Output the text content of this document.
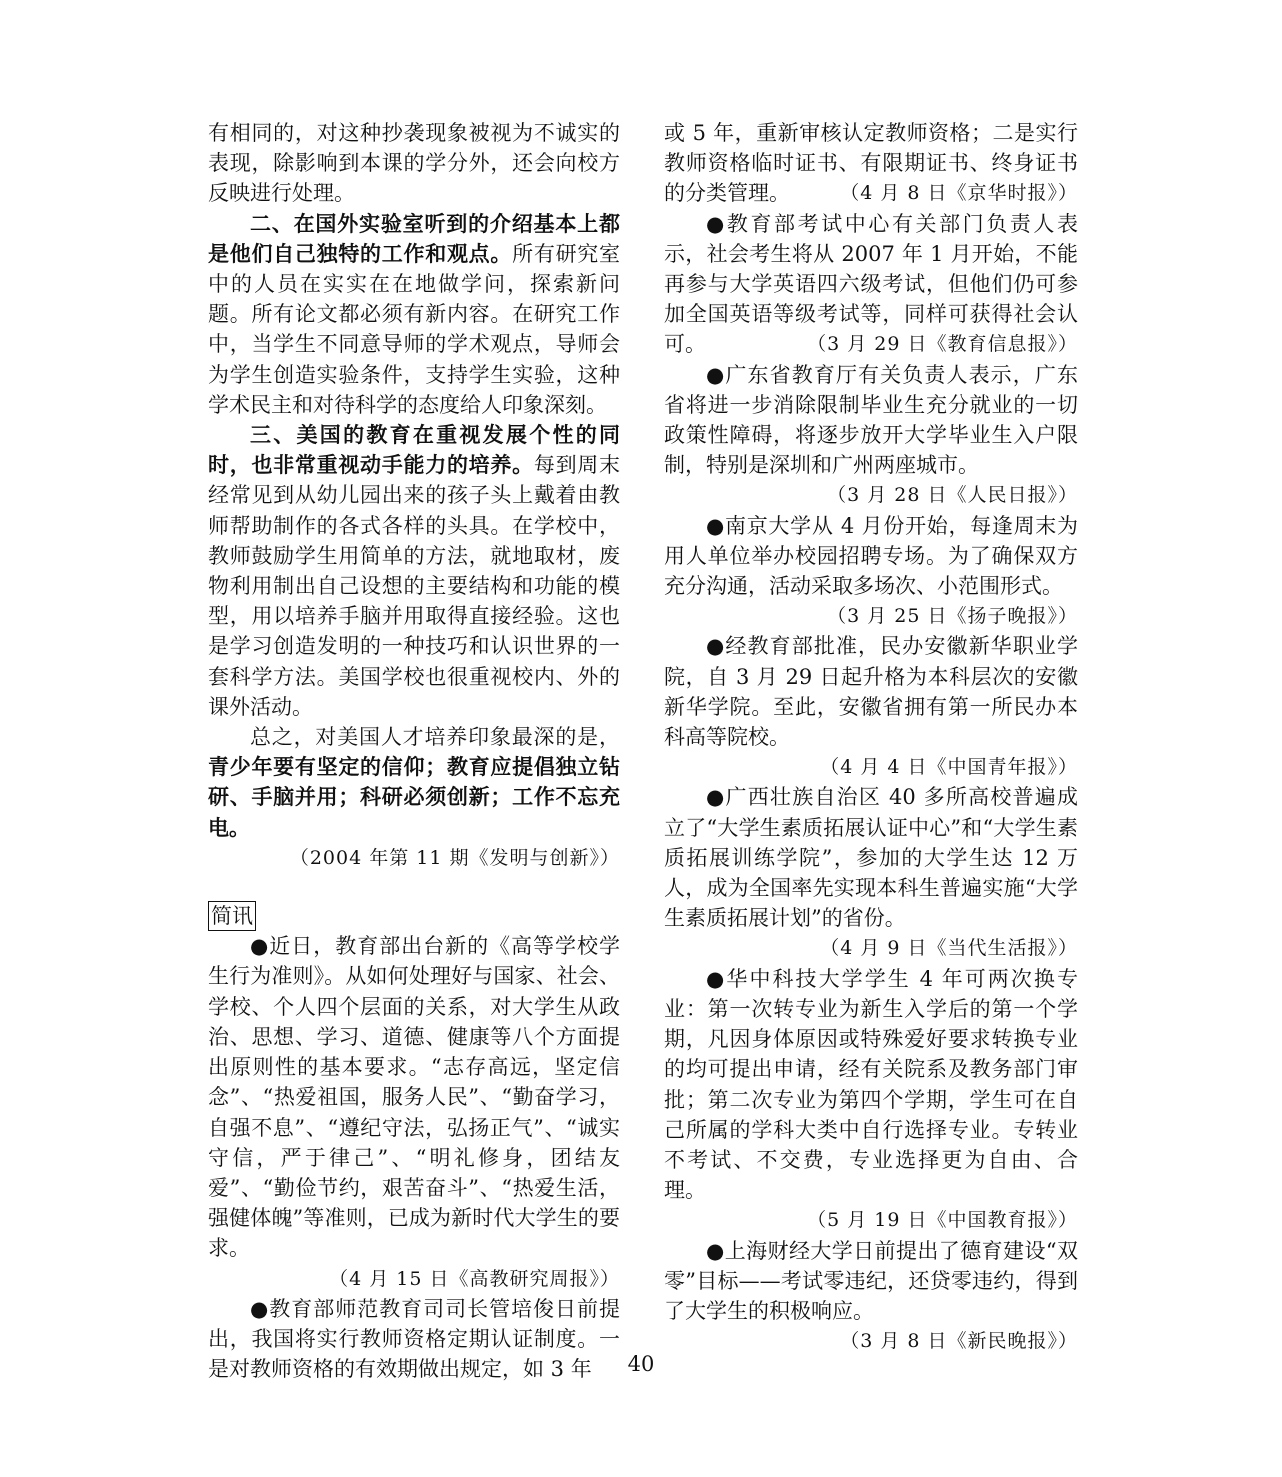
有相同的，对这种抄袭现象被视为不诚实的表现，除影响到本课的学分外，还会向校方反映进行处理。

二、在国外实验室听到的介绍基本上都是他们自己独特的工作和观点。所有研究室中的人员在实实在在地做学问，探索新问题。所有论文都必须有新内容。在研究工作中，当学生不同意导师的学术观点，导师会为学生创造实验条件，支持学生实验，这种学术民主和对待科学的态度给人印象深刻。

三、美国的教育在重视发展个性的同时，也非常重视动手能力的培养。每到周末经常见到从幼儿园出来的孩子头上戴着由教师帮助制作的各式各样的头具。在学校中，教师鼓励学生用简单的方法，就地取材，废物利用制出自己设想的主要结构和功能的模型，用以培养手脑并用取得直接经验。这也是学习创造发明的一种技巧和认识世界的一套科学方法。美国学校也很重视校内、外的课外活动。

总之，对美国人才培养印象最深的是，青少年要有坚定的信仰；教育应提倡独立钻研、手脑并用；科研必须创新；工作不忘充电。
（2004 年第 11 期《发明与创新》）

简讯

●近日，教育部出台新的《高等学校学生行为准则》。从如何处理好与国家、社会、学校、个人四个层面的关系，对大学生从政治、思想、学习、道德、健康等八个方面提出原则性的基本要求。“志存高远，坚定信念”、“热爱祖国，服务人民”、“勤奋学习，自强不息”、“遵纪守法，弘扬正气”、“诚实守信，严于律己”、“明礼修身，团结友爱”、“勤俭节约，艰苦奋斗”、“热爱生活，强健体魄”等准则，已成为新时代大学生的要求。

（4 月 15 日《高教研究周报》）

●教育部师范教育司司长管培俊日前提出，我国将实行教师资格定期认证制度。一是对教师资格的有效期做出规定，如 3 年

或 5 年，重新审核认定教师资格；二是实行教师资格临时证书、有限期证书、终身证书的分类管理。	（4 月 8 日《京华时报》）

●教育部考试中心有关部门负责人表示，社会考生将从 2007 年 1 月开始，不能再参与大学英语四六级考试，但他们仍可参加全国英语等级考试等，同样可获得社会认可。	（3 月 29 日《教育信息报》）

●广东省教育厅有关负责人表示，广东省将进一步消除限制毕业生充分就业的一切政策性障碍，将逐步放开大学毕业生入户限制，特别是深圳和广州两座城市。

（3 月 28 日《人民日报》）

●南京大学从 4 月份开始，每逢周末为用人单位举办校园招聘专场。为了确保双方充分沟通，活动采取多场次、小范围形式。

（3 月 25 日《扬子晚报》）

●经教育部批准，民办安徽新华职业学院，自 3 月 29 日起升格为本科层次的安徽新华学院。至此，安徽省拥有第一所民办本科高等院校。
（4 月 4 日《中国青年报》）

●广西壮族自治区 40 多所高校普遍成立了“大学生素质拓展认证中心”和“大学生素质拓展训练学院”，参加的大学生达 12 万人，成为全国率先实现本科生普遍实施“大学生素质拓展计划”的省份。

（4 月 9 日《当代生活报》）

●华中科技大学学生 4 年可两次换专业：第一次转专业为新生入学后的第一个学期，凡因身体原因或特殊爱好要求转换专业的均可提出申请，经有关院系及教务部门审批；第二次专业为第四个学期，学生可在自己所属的学科大类中自行选择专业。专转业不考试、不交费，专业选择更为自由、合理。

（5 月 19 日《中国教育报》）

●上海财经大学日前提出了德育建设“双零”目标——考试零违纪，还贷零违约，得到了大学生的积极响应。

（3 月 8 日《新民晚报》）
40
